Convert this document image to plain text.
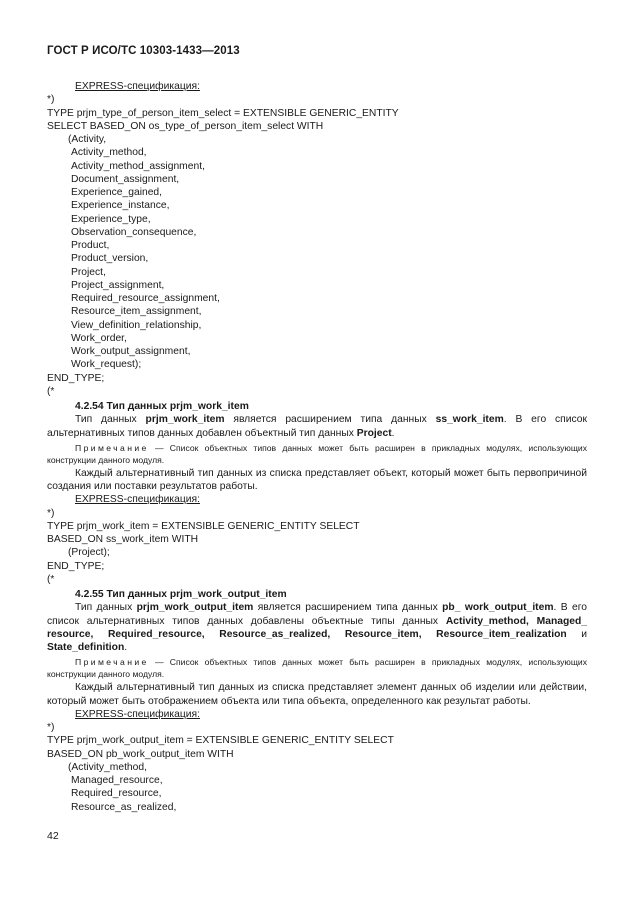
ГОСТ Р ИСО/ТС 10303-1433—2013
EXPRESS-спецификация:
*)
TYPE prjm_type_of_person_item_select = EXTENSIBLE GENERIC_ENTITY
SELECT BASED_ON os_type_of_person_item_select WITH
(Activity,
Activity_method,
Activity_method_assignment,
Document_assignment,
Experience_gained,
Experience_instance,
Experience_type,
Observation_consequence,
Product,
Product_version,
Project,
Project_assignment,
Required_resource_assignment,
Resource_item_assignment,
View_definition_relationship,
Work_order,
Work_output_assignment,
Work_request);
END_TYPE;
(*
4.2.54 Тип данных prjm_work_item

Тип данных prjm_work_item является расширением типа данных ss_work_item. В его список альтернативных типов данных добавлен объектный тип данных Project.

Примечание — Список объектных типов данных может быть расширен в прикладных модулях, использующих конструкции данного модуля.

Каждый альтернативный тип данных из списка представляет объект, который может быть первопричиной создания или поставки результатов работы.

EXPRESS-спецификация:
*)
TYPE prjm_work_item = EXTENSIBLE GENERIC_ENTITY SELECT
BASED_ON ss_work_item WITH
(Project);
END_TYPE;
(*
4.2.55 Тип данных prjm_work_output_item

Тип данных prjm_work_output_item является расширением типа данных pb_ work_output_item. В его список альтернативных типов данных добавлены объектные типы данных Activity_method, Managed_ resource, Required_resource, Resource_as_realized, Resource_item, Resource_item_realization и State_definition.

Примечание — Список объектных типов данных может быть расширен в прикладных модулях, использующих конструкции данного модуля.

Каждый альтернативный тип данных из списка представляет элемент данных об изделии или действии, который может быть отображением объекта или типа объекта, определенного как результат работы.

EXPRESS-спецификация:
*)
TYPE prjm_work_output_item = EXTENSIBLE GENERIC_ENTITY SELECT
BASED_ON pb_work_output_item WITH
(Activity_method,
Managed_resource,
Required_resource,
Resource_as_realized,
42
